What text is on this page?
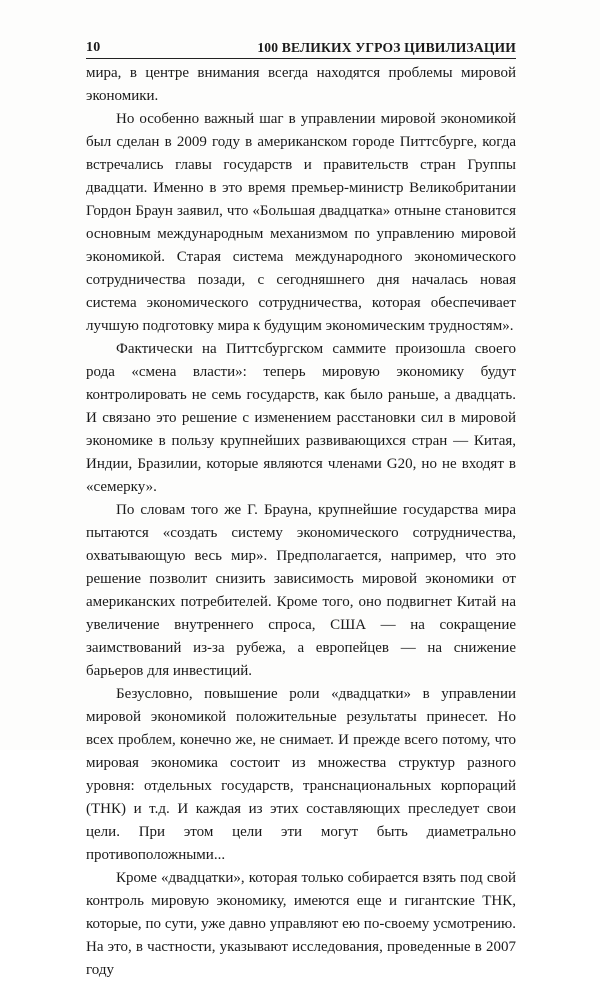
10	100 ВЕЛИКИХ УГРОЗ ЦИВИЛИЗАЦИИ

мира, в центре внимания всегда находятся проблемы мировой экономики.

Но особенно важный шаг в управлении мировой экономикой был сделан в 2009 году в американском городе Питтсбурге, когда встречались главы государств и правительств стран Группы двадцати. Именно в это время премьер-министр Великобритании Гордон Браун заявил, что «Большая двадцатка» отныне становится основным международным механизмом по управлению мировой экономикой. Старая система международного экономического сотрудничества позади, с сегодняшнего дня началась новая система экономического сотрудничества, которая обеспечивает лучшую подготовку мира к будущим экономическим трудностям».

Фактически на Питтсбургском саммите произошла своего рода «смена власти»: теперь мировую экономику будут контролировать не семь государств, как было раньше, а двадцать. И связано это решение с изменением расстановки сил в мировой экономике в пользу крупнейших развивающихся стран — Китая, Индии, Бразилии, которые являются членами G20, но не входят в «семерку».

По словам того же Г. Брауна, крупнейшие государства мира пытаются «создать систему экономического сотрудничества, охватывающую весь мир». Предполагается, например, что это решение позволит снизить зависимость мировой экономики от американских потребителей. Кроме того, оно подвигнет Китай на увеличение внутреннего спроса, США — на сокращение заимствований из-за рубежа, а европейцев — на снижение барьеров для инвестиций.

Безусловно, повышение роли «двадцатки» в управлении мировой экономикой положительные результаты принесет. Но всех проблем, конечно же, не снимает. И прежде всего потому, что мировая экономика состоит из множества структур разного уровня: отдельных государств, транснациональных корпораций (ТНК) и т.д. И каждая из этих составляющих преследует свои цели. При этом цели эти могут быть диаметрально противоположными...

Кроме «двадцатки», которая только собирается взять под свой контроль мировую экономику, имеются еще и гигантские ТНК, которые, по сути, уже давно управляют ею по-своему усмотрению. На это, в частности, указывают исследования, проведенные в 2007 году
